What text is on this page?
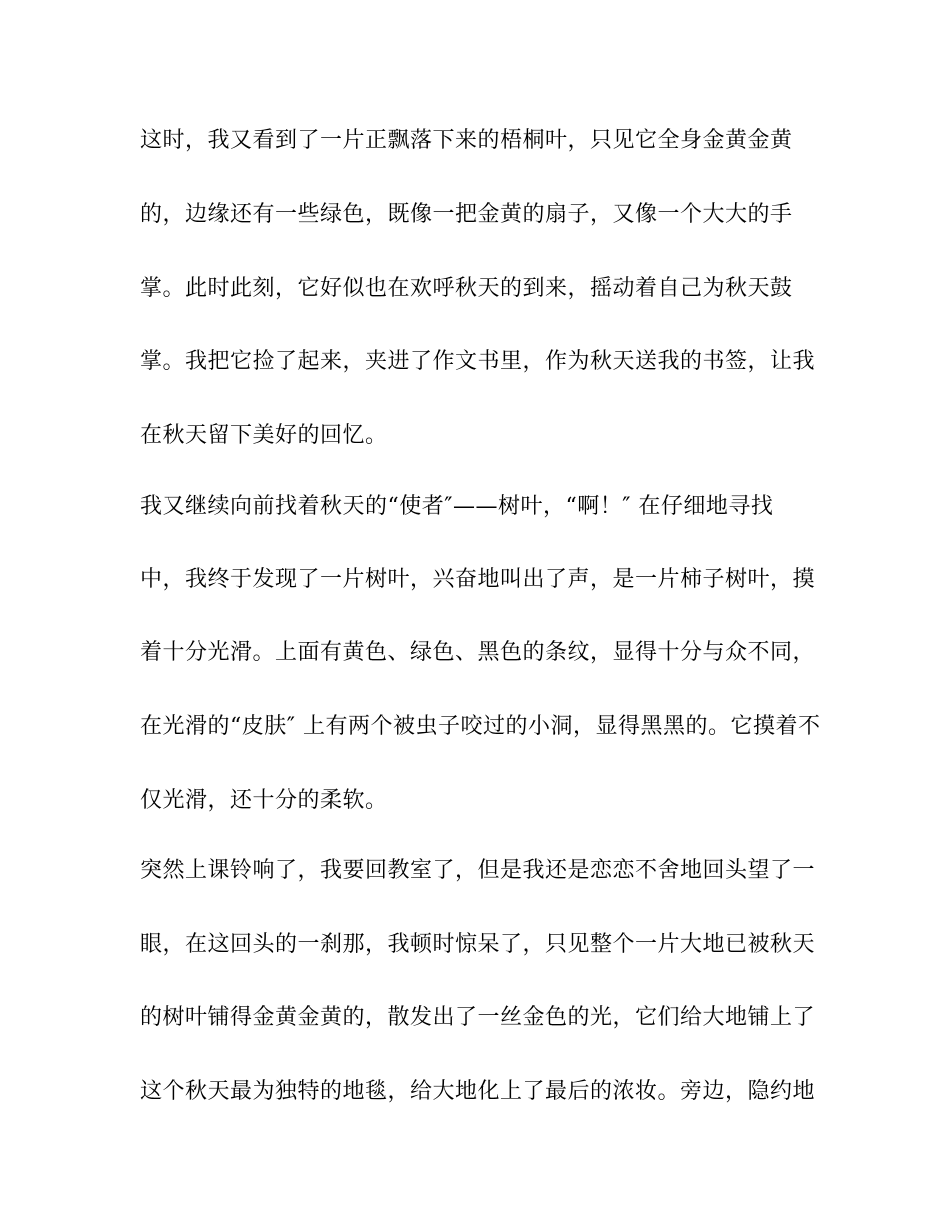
这时，我又看到了一片正飘落下来的梧桐叶，只见它全身金黄金黄

的，边缘还有一些绿色，既像一把金黄的扇子，又像一个大大的手

掌。此时此刻，它好似也在欢呼秋天的到来，摇动着自己为秋天鼓

掌。我把它捡了起来，夹进了作文书里，作为秋天送我的书签，让我

在秋天留下美好的回忆。

我又继续向前找着秋天的“使者″——树叶，“啊！″ 在仔细地寻找

中，我终于发现了一片树叶，兴奋地叫出了声，是一片柿子树叶，摸

着十分光滑。上面有黄色、绿色、黑色的条纹，显得十分与众不同，

在光滑的“皮肤″ 上有两个被虫子咬过的小洞，显得黑黑的。它摸着不

仅光滑，还十分的柔软。

突然上课铃响了，我要回教室了，但是我还是恋恋不舍地回头望了一

眼，在这回头的一刹那，我顿时惊呆了，只见整个一片大地已被秋天

的树叶铺得金黄金黄的，散发出了一丝金色的光，它们给大地铺上了

这个秋天最为独特的地毯，给大地化上了最后的浓妆。旁边，隐约地
